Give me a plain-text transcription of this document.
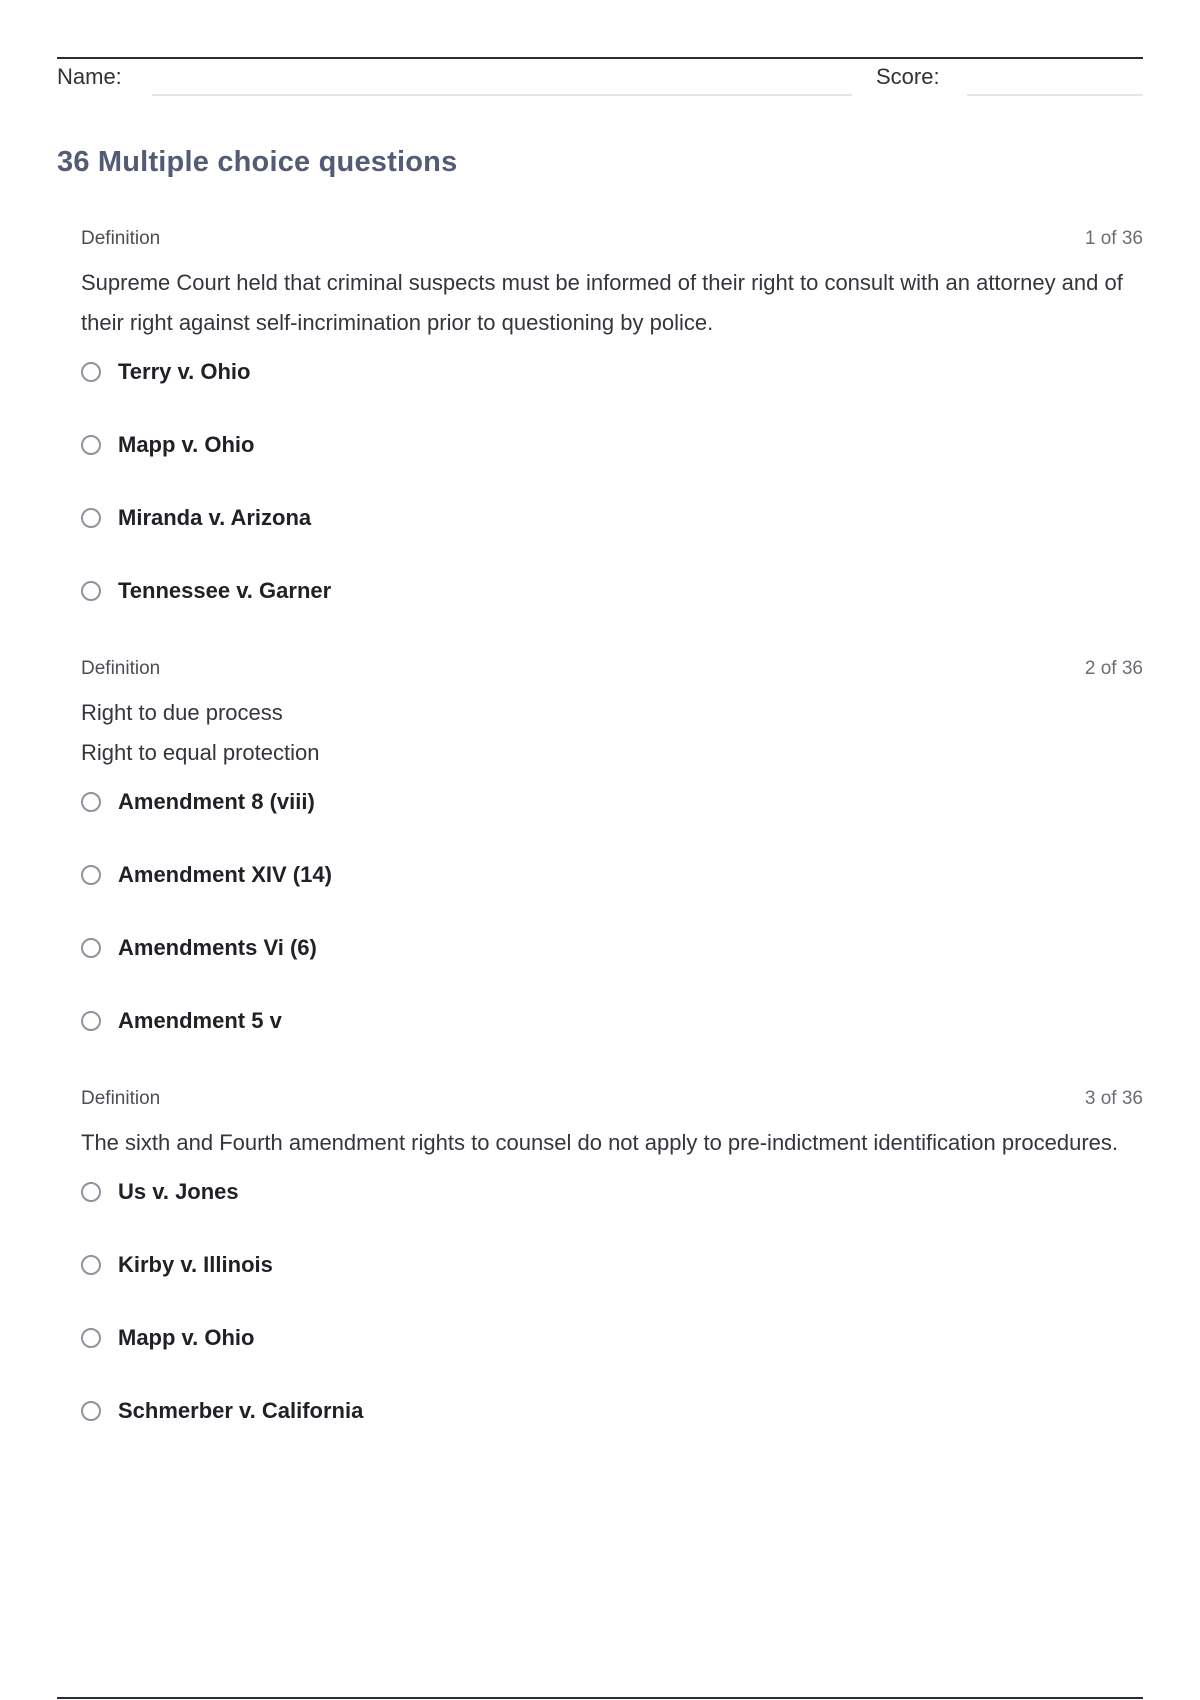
Name:	Score:
36 Multiple choice questions
Definition	1 of 36

Supreme Court held that criminal suspects must be informed of their right to consult with an attorney and of their right against self-incrimination prior to questioning by police.

Terry v. Ohio
Mapp v. Ohio
Miranda v. Arizona
Tennessee v. Garner
Definition	2 of 36

Right to due process

Right to equal protection

Amendment 8 (viii)
Amendment XIV (14)
Amendments Vi (6)
Amendment 5 v
Definition	3 of 36

The sixth and Fourth amendment rights to counsel do not apply to pre-indictment identification procedures.

Us v. Jones
Kirby v. Illinois
Mapp v. Ohio
Schmerber v. California
